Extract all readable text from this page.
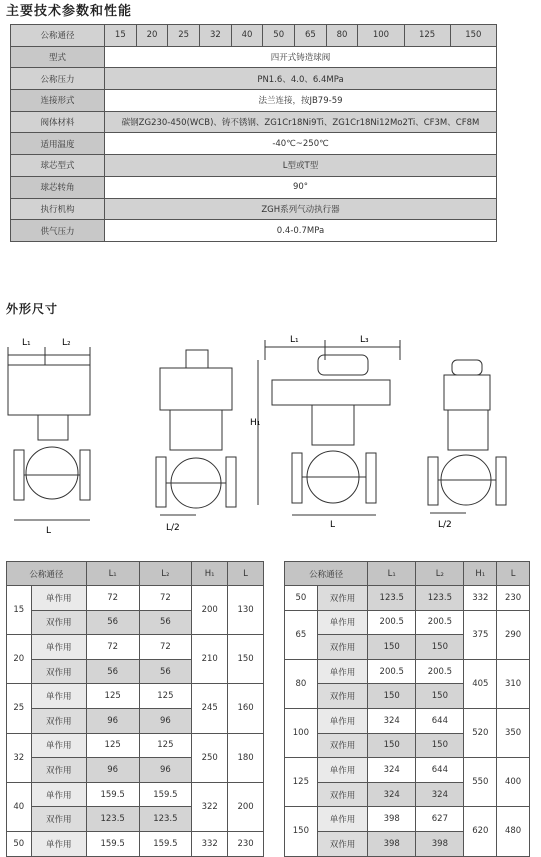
主要技术参数和性能
公称通径	15	20	25	32	40	50	65	80	100	125	150
型式	四开式铸造球阀										
公称压力	PN1.6、4.0、6.4MPa										
连接形式	法兰连接，按JB79-59										
阀体材料	碳钢ZG230-450(WCB)、铸不锈钢、ZG1Cr18Ni9Ti、ZG1Cr18Ni12Mo2Ti、CF3M、CF8M										
适用温度	-40℃~250℃										
球芯型式	L型或T型										
球芯转角	90°										
执行机构	ZGH系列气动执行器										
供气压力	0.4-0.7MPa										
外形尺寸
L₁	L₂
L	L/2
L₁	L₃
H₁
L	L/2
公称通径		L₁	L₂	H₁	L
15	单作用	72	72	200	130
	双作用	56	56		
20	单作用	72	72	210	150
	双作用	56	56		
25	单作用	125	125	245	160
	双作用	96	96		
32	单作用	125	125	250	180
	双作用	96	96		
40	单作用	159.5	159.5	322	200
	双作用	123.5	123.5		
50	单作用	159.5	159.5	332	230
公称通径		L₁	L₂	H₁	L
50	双作用	123.5	123.5	332	230
65	单作用	200.5	200.5	375	290
	双作用	150	150		
80	单作用	200.5	200.5	405	310
	双作用	150	150		
100	单作用	324	644	520	350
	双作用	150	150		
125	单作用	324	644	550	400
	双作用	324	324		
150	单作用	398	627	620	480
	双作用	398	398		
